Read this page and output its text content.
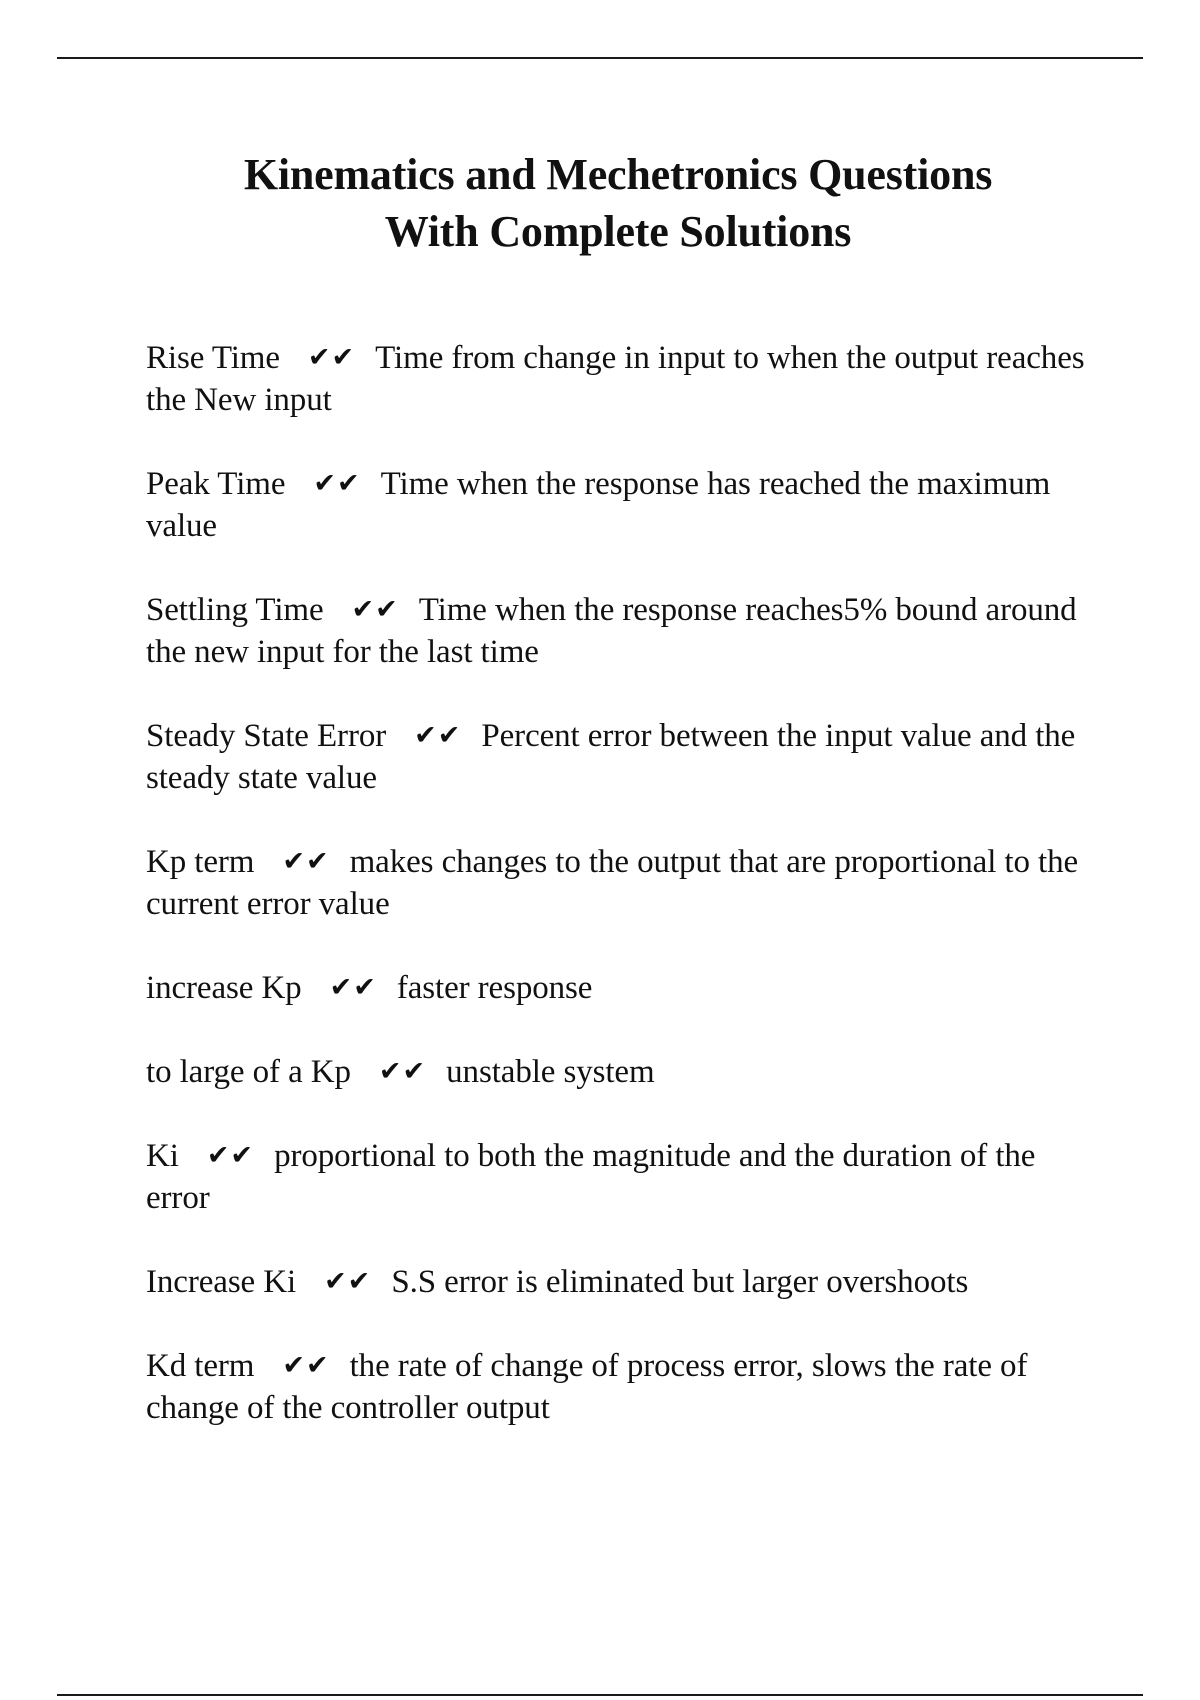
Kinematics and Mechetronics Questions
With Complete Solutions

Rise Time ✔✔ Time from change in input to when the output reaches the New input

Peak Time ✔✔ Time when the response has reached the maximum value

Settling Time ✔✔ Time when the response reaches5% bound around the new input for the last time

Steady State Error ✔✔ Percent error between the input value and the steady state value

Kp term ✔✔ makes changes to the output that are proportional to the current error value

increase Kp ✔✔ faster response

to large of a Kp ✔✔ unstable system

Ki ✔✔ proportional to both the magnitude and the duration of the error

Increase Ki ✔✔ S.S error is eliminated but larger overshoots

Kd term ✔✔ the rate of change of process error, slows the rate of change of the controller output
